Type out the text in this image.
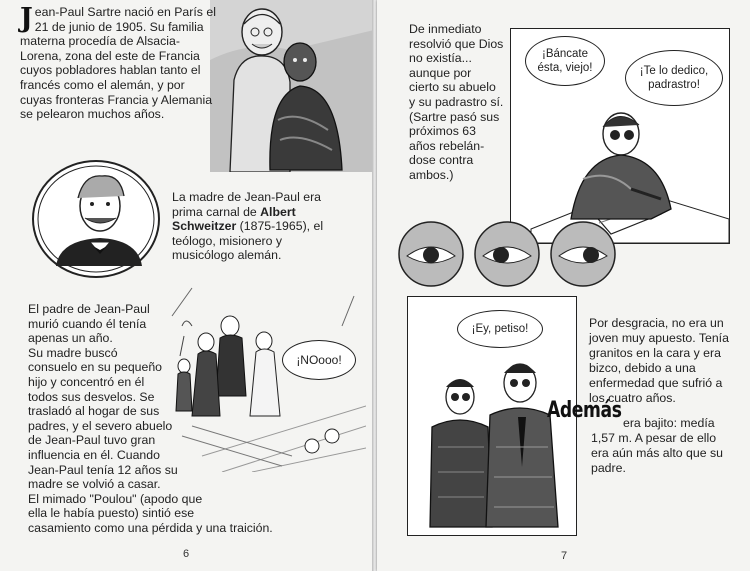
Jean-Paul Sartre nació en París el 21 de junio de 1905. Su familia materna procedía de Alsacia-Lorena, zona del este de Francia cuyos pobladores hablan tanto el francés como el alemán, y por cuyas fronteras Francia y Alemania se pelearon muchos años.
La madre de Jean-Paul era prima carnal de Albert Schweitzer (1875-1965), el teólogo, misionero y musicólogo alemán.
¡NOooo!
El padre de Jean-Paul
murió cuando él tenía
apenas un año.
Su madre buscó
consuelo en su pequeño
hijo y concentró en él
todos sus desvelos. Se
trasladó al hogar de sus
padres, y el severo abuelo
de Jean-Paul tuvo gran
influencia en él. Cuando
Jean-Paul tenía 12 años su
madre se volvió a casar.
El mimado "Poulou" (apodo que
ella le había puesto) sintió ese
casamiento como una pérdida y una traición.
6
De inmediato
resolvió que Dios
no existía...
aunque por
cierto su abuelo
y su padrastro sí.
(Sartre pasó sus
próximos 63
años rebelán-
dose contra
ambos.)
¡Báncate ésta, viejo!	¡Te lo dedico, padrastro!
¡Ey, petiso!	Por desgracia, no era un
joven muy apuesto. Tenía
granitos en la cara y era
bizco, debido a una
enfermedad que sufrió a
los cuatro años.
Además era bajito: medía
1,57 m. A pesar de ello
era aún más alto que su
padre.
7
